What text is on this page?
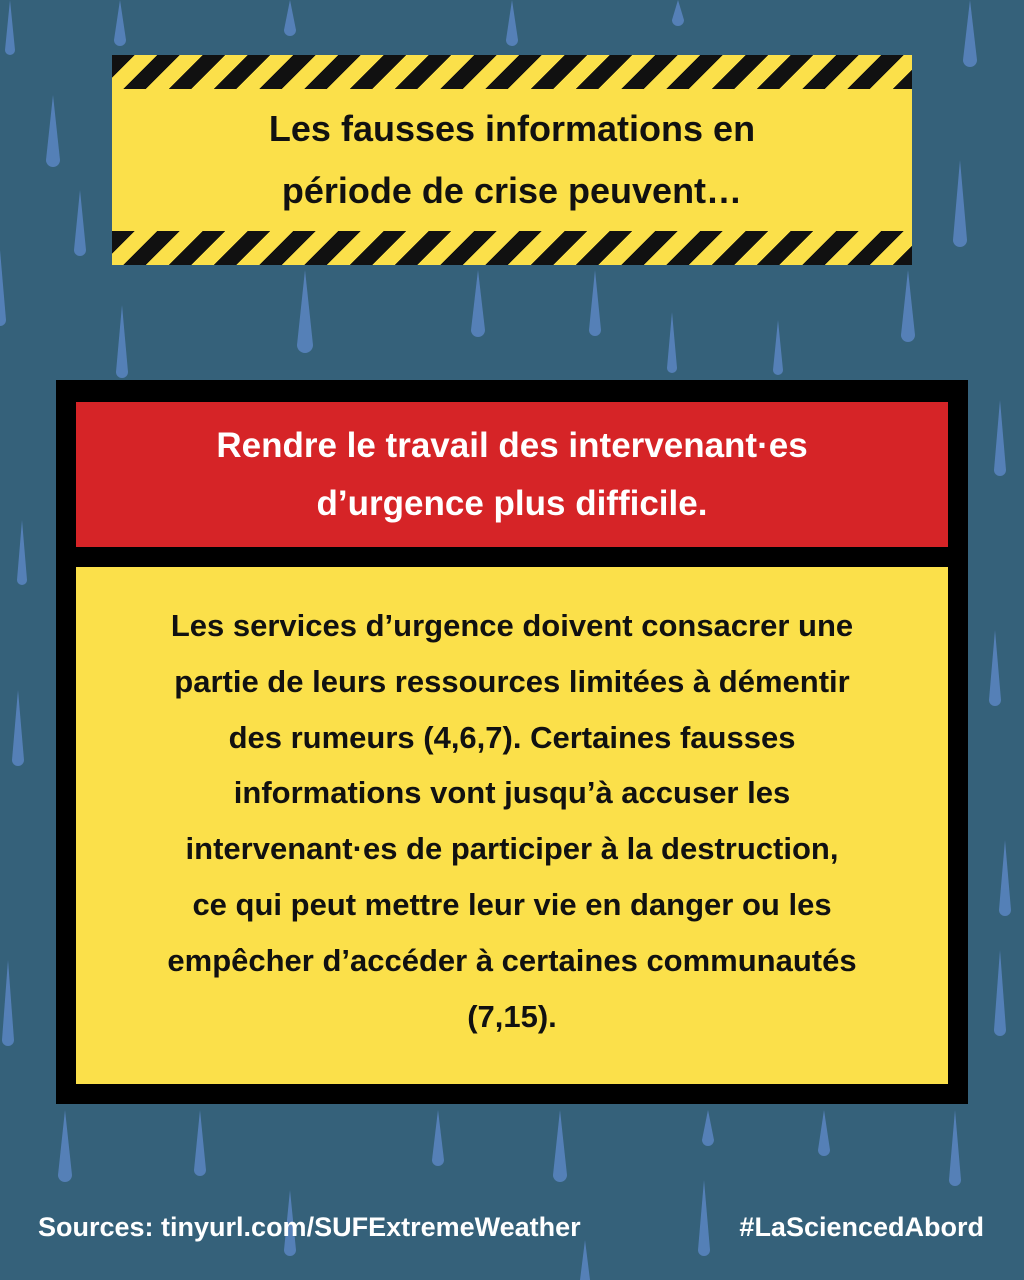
Les fausses informations en
période de crise peuvent…
Rendre le travail des intervenant·es
d’urgence plus difficile.
Les services d’urgence doivent consacrer une
partie de leurs ressources limitées à démentir
des rumeurs (4,6,7). Certaines fausses
informations vont jusqu’à accuser les
intervenant·es de participer à la destruction,
ce qui peut mettre leur vie en danger ou les
empêcher d’accéder à certaines communautés
(7,15).
Sources: tinyurl.com/SUFExtremeWeather	#LaSciencedAbord
